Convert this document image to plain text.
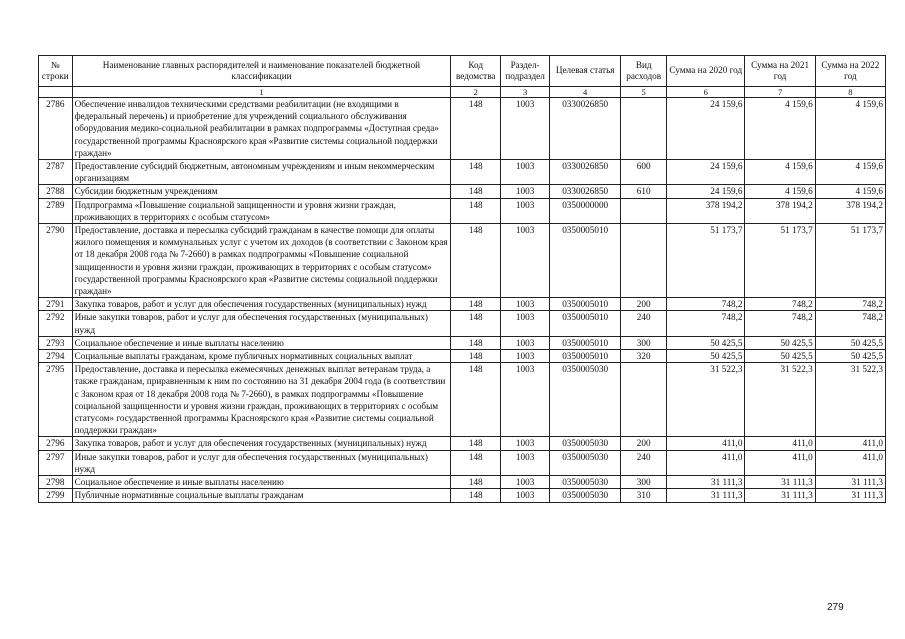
№ строки	Наименование главных распорядителей и наименование показателей бюджетной классификации	Код ведомства	Раздел-подраздел	Целевая статья	Вид расходов	Сумма на 2020 год	Сумма на 2021 год	Сумма на 2022 год
	1	2	3	4	5	6	7	8
2786	Обеспечение инвалидов техническими средствами реабилитации (не входящими в федеральный перечень) и приобретение для учреждений социального обслуживания оборудования медико-социальной реабилитации в рамках подпрограммы «Доступная среда» государственной программы Красноярского края «Развитие системы социальной поддержки граждан»	148	1003	0330026850		24 159,6	4 159,6	4 159,6
2787	Предоставление субсидий бюджетным, автономным учреждениям и иным некоммерческим организациям	148	1003	0330026850	600	24 159,6	4 159,6	4 159,6
2788	Субсидии бюджетным учреждениям	148	1003	0330026850	610	24 159,6	4 159,6	4 159,6
2789	Подпрограмма «Повышение социальной защищенности и уровня жизни граждан, проживающих в территориях с особым статусом»	148	1003	0350000000		378 194,2	378 194,2	378 194,2
2790	Предоставление, доставка и пересылка субсидий гражданам в качестве помощи для оплаты жилого помещения и коммунальных услуг с учетом их доходов (в соответствии с Законом края от 18 декабря 2008 года № 7-2660) в рамках подпрограммы «Повышение социальной защищенности и уровня жизни граждан, проживающих в территориях с особым статусом» государственной программы Красноярского края «Развитие системы социальной поддержки граждан»	148	1003	0350005010		51 173,7	51 173,7	51 173,7
2791	Закупка товаров, работ и услуг для обеспечения государственных (муниципальных) нужд	148	1003	0350005010	200	748,2	748,2	748,2
2792	Иные закупки товаров, работ и услуг для обеспечения государственных (муниципальных) нужд	148	1003	0350005010	240	748,2	748,2	748,2
2793	Социальное обеспечение и иные выплаты населению	148	1003	0350005010	300	50 425,5	50 425,5	50 425,5
2794	Социальные выплаты гражданам, кроме публичных нормативных социальных выплат	148	1003	0350005010	320	50 425,5	50 425,5	50 425,5
2795	Предоставление, доставка и пересылка ежемесячных денежных выплат ветеранам труда, а также гражданам, приравненным к ним по состоянию на 31 декабря 2004 года (в соответствии с Законом края от 18 декабря 2008 года № 7-2660), в рамках подпрограммы «Повышение социальной защищенности и уровня жизни граждан, проживающих в территориях с особым статусом» государственной программы Красноярского края «Развитие системы социальной поддержки граждан»	148	1003	0350005030		31 522,3	31 522,3	31 522,3
2796	Закупка товаров, работ и услуг для обеспечения государственных (муниципальных) нужд	148	1003	0350005030	200	411,0	411,0	411,0
2797	Иные закупки товаров, работ и услуг для обеспечения государственных (муниципальных) нужд	148	1003	0350005030	240	411,0	411,0	411,0
2798	Социальное обеспечение и иные выплаты населению	148	1003	0350005030	300	31 111,3	31 111,3	31 111,3
2799	Публичные нормативные социальные выплаты гражданам	148	1003	0350005030	310	31 111,3	31 111,3	31 111,3
279
